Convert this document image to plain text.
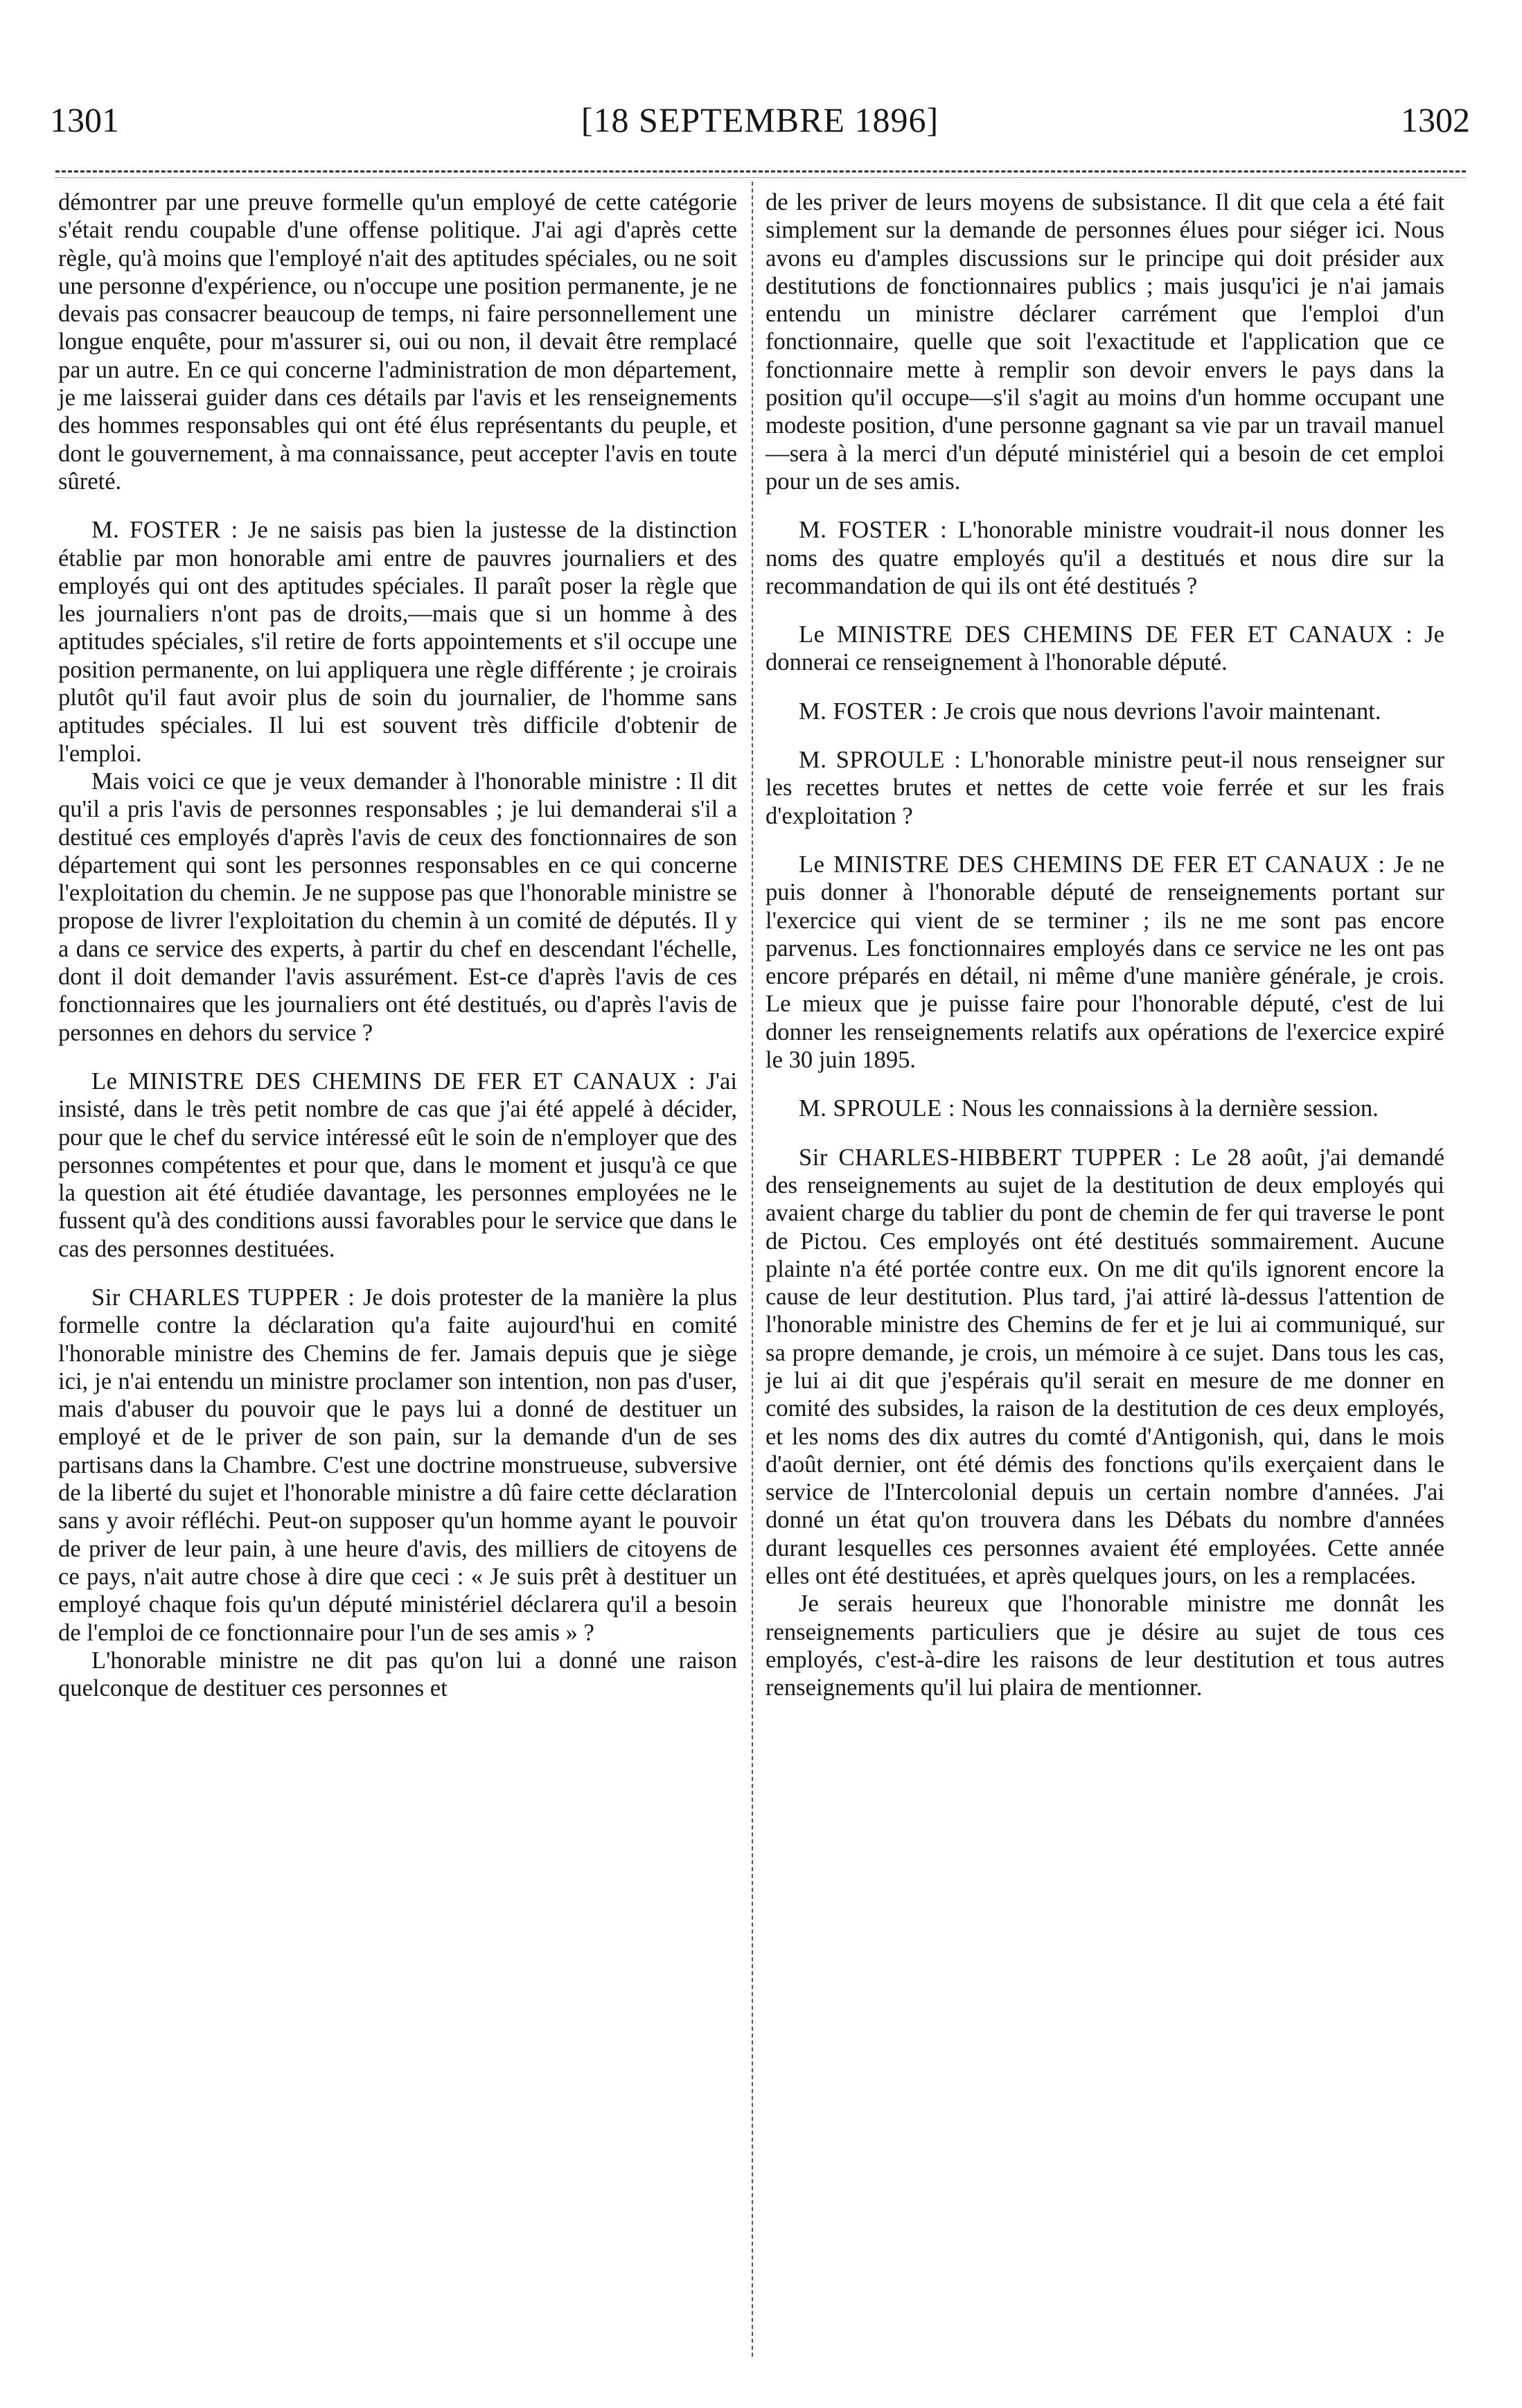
1301	[18 SEPTEMBRE 1896]	1302

démontrer par une preuve formelle qu'un employé de cette catégorie s'était rendu coupable d'une offense politique. J'ai agi d'après cette règle, qu'à moins que l'employé n'ait des aptitudes spéciales, ou ne soit une personne d'expérience, ou n'occupe une position permanente, je ne devais pas consacrer beaucoup de temps, ni faire personnellement une longue enquête, pour m'assurer si, oui ou non, il devait être remplacé par un autre. En ce qui concerne l'administration de mon département, je me laisserai guider dans ces détails par l'avis et les renseignements des hommes responsables qui ont été élus représentants du peuple, et dont le gouvernement, à ma connaissance, peut accepter l'avis en toute sûreté.

M. FOSTER : Je ne saisis pas bien la justesse de la distinction établie par mon honorable ami entre de pauvres journaliers et des employés qui ont des aptitudes spéciales. Il paraît poser la règle que les journaliers n'ont pas de droits,—mais que si un homme à des aptitudes spéciales, s'il retire de forts appointements et s'il occupe une position permanente, on lui appliquera une règle différente ; je croirais plutôt qu'il faut avoir plus de soin du journalier, de l'homme sans aptitudes spéciales. Il lui est souvent très difficile d'obtenir de l'emploi.

Mais voici ce que je veux demander à l'honorable ministre : Il dit qu'il a pris l'avis de personnes responsables ; je lui demanderai s'il a destitué ces employés d'après l'avis de ceux des fonctionnaires de son département qui sont les personnes responsables en ce qui concerne l'exploitation du chemin. Je ne suppose pas que l'honorable ministre se propose de livrer l'exploitation du chemin à un comité de députés. Il y a dans ce service des experts, à partir du chef en descendant l'échelle, dont il doit demander l'avis assurément. Est-ce d'après l'avis de ces fonctionnaires que les journaliers ont été destitués, ou d'après l'avis de personnes en dehors du service ?

Le MINISTRE DES CHEMINS DE FER ET CANAUX : J'ai insisté, dans le très petit nombre de cas que j'ai été appelé à décider, pour que le chef du service intéressé eût le soin de n'employer que des personnes compétentes et pour que, dans le moment et jusqu'à ce que la question ait été étudiée davantage, les personnes employées ne le fussent qu'à des conditions aussi favorables pour le service que dans le cas des personnes destituées.

Sir CHARLES TUPPER : Je dois protester de la manière la plus formelle contre la déclaration qu'a faite aujourd'hui en comité l'honorable ministre des Chemins de fer. Jamais depuis que je siège ici, je n'ai entendu un ministre proclamer son intention, non pas d'user, mais d'abuser du pouvoir que le pays lui a donné de destituer un employé et de le priver de son pain, sur la demande d'un de ses partisans dans la Chambre. C'est une doctrine monstrueuse, subversive de la liberté du sujet et l'honorable ministre a dû faire cette déclaration sans y avoir réfléchi. Peut-on supposer qu'un homme ayant le pouvoir de priver de leur pain, à une heure d'avis, des milliers de citoyens de ce pays, n'ait autre chose à dire que ceci : « Je suis prêt à destituer un employé chaque fois qu'un député ministériel déclarera qu'il a besoin de l'emploi de ce fonctionnaire pour l'un de ses amis » ?

L'honorable ministre ne dit pas qu'on lui a donné une raison quelconque de destituer ces personnes et

de les priver de leurs moyens de subsistance. Il dit que cela a été fait simplement sur la demande de personnes élues pour siéger ici. Nous avons eu d'amples discussions sur le principe qui doit présider aux destitutions de fonctionnaires publics ; mais jusqu'ici je n'ai jamais entendu un ministre déclarer carrément que l'emploi d'un fonctionnaire, quelle que soit l'exactitude et l'application que ce fonctionnaire mette à remplir son devoir envers le pays dans la position qu'il occupe—s'il s'agit au moins d'un homme occupant une modeste position, d'une personne gagnant sa vie par un travail manuel—sera à la merci d'un député ministériel qui a besoin de cet emploi pour un de ses amis.

M. FOSTER : L'honorable ministre voudrait-il nous donner les noms des quatre employés qu'il a destitués et nous dire sur la recommandation de qui ils ont été destitués ?

Le MINISTRE DES CHEMINS DE FER ET CANAUX : Je donnerai ce renseignement à l'honorable député.

M. FOSTER : Je crois que nous devrions l'avoir maintenant.

M. SPROULE : L'honorable ministre peut-il nous renseigner sur les recettes brutes et nettes de cette voie ferrée et sur les frais d'exploitation ?

Le MINISTRE DES CHEMINS DE FER ET CANAUX : Je ne puis donner à l'honorable député de renseignements portant sur l'exercice qui vient de se terminer ; ils ne me sont pas encore parvenus. Les fonctionnaires employés dans ce service ne les ont pas encore préparés en détail, ni même d'une manière générale, je crois. Le mieux que je puisse faire pour l'honorable député, c'est de lui donner les renseignements relatifs aux opérations de l'exercice expiré le 30 juin 1895.

M. SPROULE : Nous les connaissions à la dernière session.

Sir CHARLES-HIBBERT TUPPER : Le 28 août, j'ai demandé des renseignements au sujet de la destitution de deux employés qui avaient charge du tablier du pont de chemin de fer qui traverse le pont de Pictou. Ces employés ont été destitués sommairement. Aucune plainte n'a été portée contre eux. On me dit qu'ils ignorent encore la cause de leur destitution. Plus tard, j'ai attiré là-dessus l'attention de l'honorable ministre des Chemins de fer et je lui ai communiqué, sur sa propre demande, je crois, un mémoire à ce sujet. Dans tous les cas, je lui ai dit que j'espérais qu'il serait en mesure de me donner en comité des subsides, la raison de la destitution de ces deux employés, et les noms des dix autres du comté d'Antigonish, qui, dans le mois d'août dernier, ont été démis des fonctions qu'ils exerçaient dans le service de l'Intercolonial depuis un certain nombre d'années. J'ai donné un état qu'on trouvera dans les Débats du nombre d'années durant lesquelles ces personnes avaient été employées. Cette année elles ont été destituées, et après quelques jours, on les a remplacées.

Je serais heureux que l'honorable ministre me donnât les renseignements particuliers que je désire au sujet de tous ces employés, c'est-à-dire les raisons de leur destitution et tous autres renseignements qu'il lui plaira de mentionner.
